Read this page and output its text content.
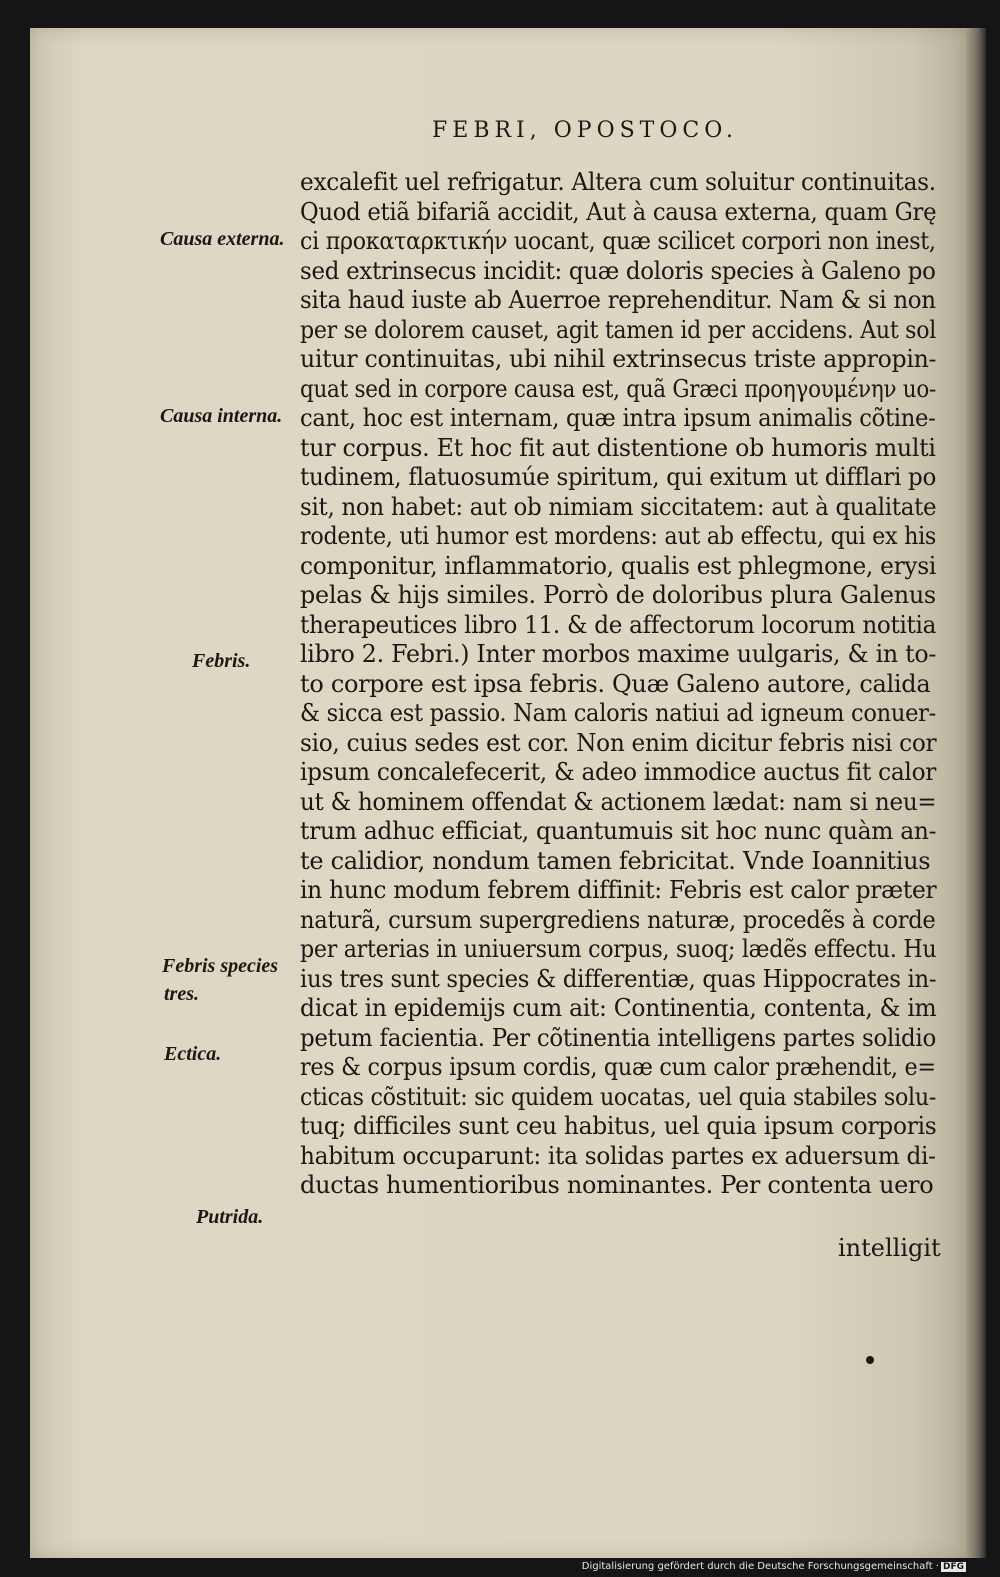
FEBRI, OPOSTOCO.
excalefit uel refrigatur. Altera cum soluitur continuitas.
Quod etiã bifariã accidit, Aut à causa externa, quam Grę
ci προκαταρκτικήν uocant, quæ scilicet corpori non inest,
sed extrinsecus incidit: quæ doloris species à Galeno po
sita haud iuste ab Auerroe reprehenditur. Nam & si non
per se dolorem causet, agit tamen id per accidens. Aut sol
uitur continuitas, ubi nihil extrinsecus triste appropin-
quat sed in corpore causa est, quã Græci προηγουμένην uo-
cant, hoc est internam, quæ intra ipsum animalis cõtine-
tur corpus. Et hoc fit aut distentione ob humoris multi
tudinem, flatuosumúe spiritum, qui exitum ut difflari po
sit, non habet: aut ob nimiam siccitatem: aut à qualitate
rodente, uti humor est mordens: aut ab effectu, qui ex his
componitur, inflammatorio, qualis est phlegmone, erysi
pelas & hijs similes. Porrò de doloribus plura Galenus
therapeutices libro 11. & de affectorum locorum notitia
libro 2. Febri.) Inter morbos maxime uulgaris, & in to-
to corpore est ipsa febris. Quæ Galeno autore, calida
& sicca est passio. Nam caloris natiui ad igneum conuer-
sio, cuius sedes est cor. Non enim dicitur febris nisi cor
ipsum concalefecerit, & adeo immodice auctus fit calor
ut & hominem offendat & actionem lædat: nam si neu=
trum adhuc efficiat, quantumuis sit hoc nunc quàm an-
te calidior, nondum tamen febricitat. Vnde Ioannitius
in hunc modum febrem diffinit: Febris est calor præter
naturã, cursum supergrediens naturæ, procedẽs à corde
per arterias in uniuersum corpus, suoq; lædẽs effectu. Hu
ius tres sunt species & differentiæ, quas Hippocrates in-
dicat in epidemijs cum ait: Continentia, contenta, & im
petum facientia. Per cõtinentia intelligens partes solidio
res & corpus ipsum cordis, quæ cum calor præhendit, e=
cticas cõstituit: sic quidem uocatas, uel quia stabiles solu-
tuq; difficiles sunt ceu habitus, uel quia ipsum corporis
habitum occuparunt: ita solidas partes ex aduersum di-
ductas humentioribus nominantes. Per contenta uero
intelligit
Causa externa.
Causa interna.
Febris.
Febris species
tres.
Ectica.
Putrida.
Digitalisierung gefördert durch die Deutsche Forschungsgemeinschaft · DFG
